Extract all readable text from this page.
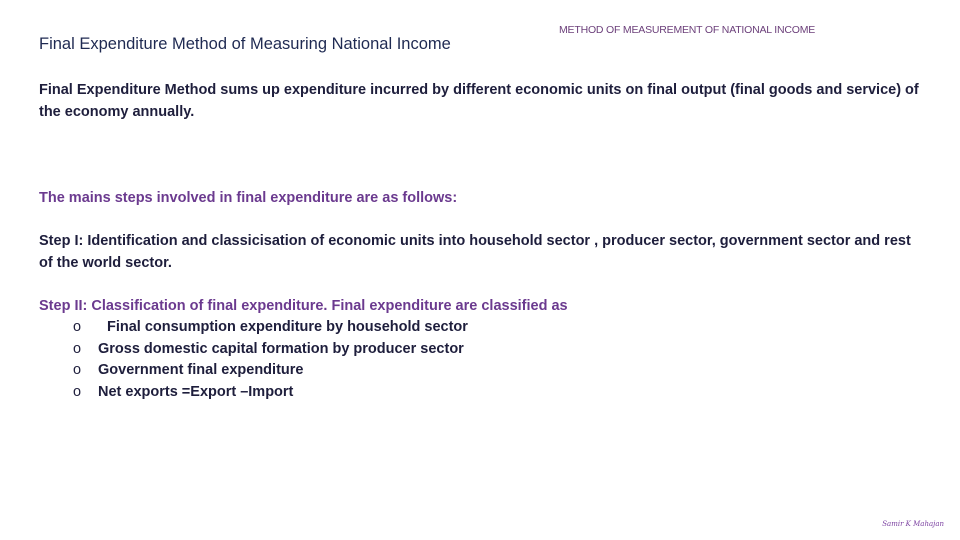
Final Expenditure Method of Measuring National Income
METHOD OF MEASUREMENT OF NATIONAL INCOME
Final Expenditure Method sums up expenditure incurred by different economic units on final output (final goods and service) of the economy annually.
The mains steps involved in final expenditure are as follows:
Step I: Identification and classicisation of economic units into household sector , producer sector, government sector and rest of the world sector.
Step II: Classification of final expenditure. Final expenditure are classified as
o	Final consumption expenditure by household sector
o	Gross domestic capital formation by producer sector
o	Government final expenditure
o	Net exports =Export –Import
Samir K Mahajan
